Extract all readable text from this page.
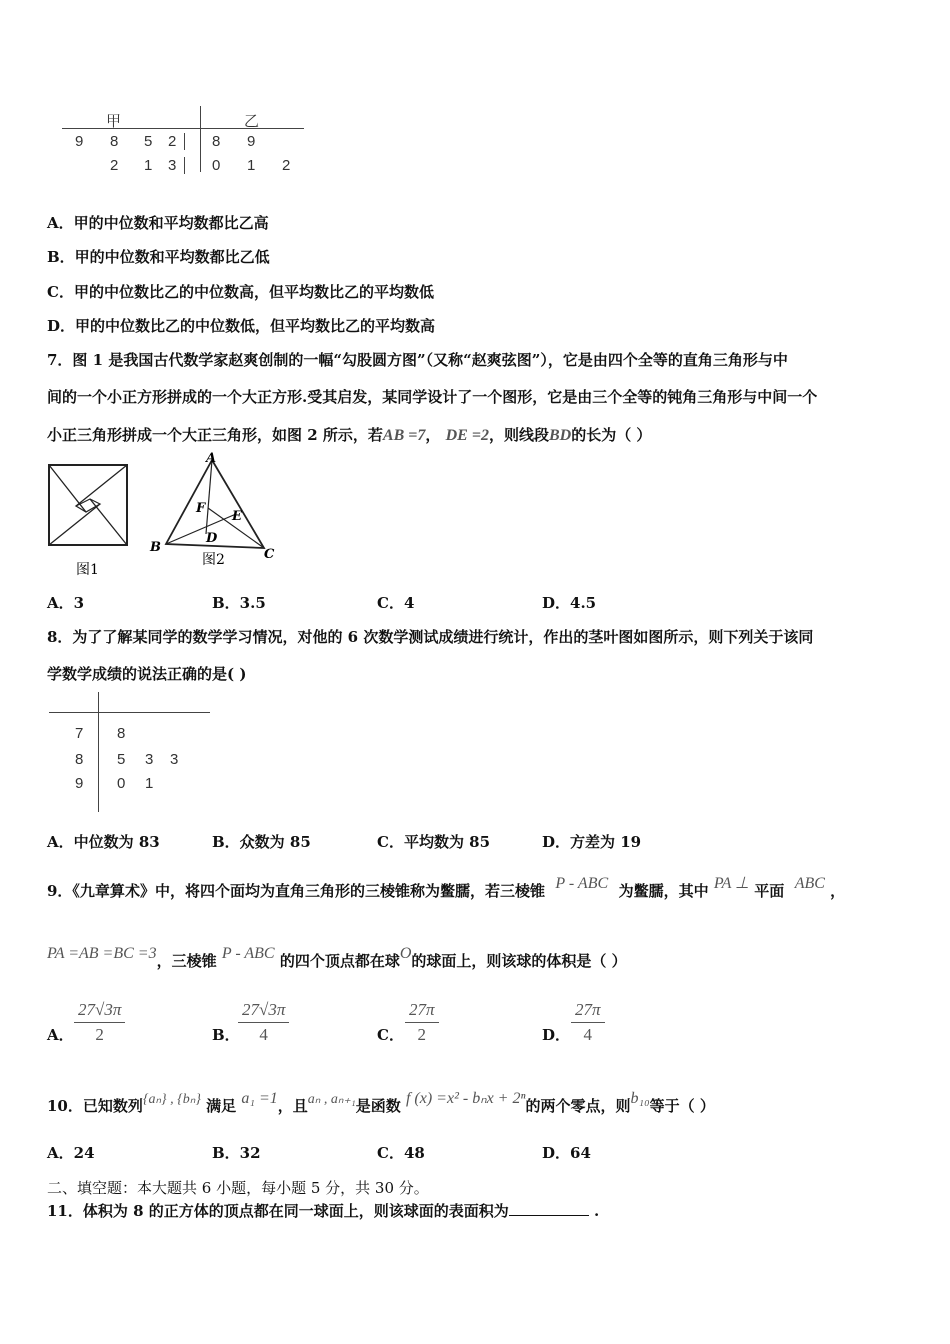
甲	乙
9 8 5 2	8 9
2 1 3	0 1 2
A．甲的中位数和平均数都比乙高
B．甲的中位数和平均数都比乙低
C．甲的中位数比乙的中位数高，但平均数比乙的平均数低
D．甲的中位数比乙的中位数低，但平均数比乙的平均数高
7．图 1 是我国古代数学家赵爽创制的一幅“勾股圆方图”（又称“赵爽弦图”），它是由四个全等的直角三角形与中
间的一个小正方形拼成的一个大正方形.受其启发，某同学设计了一个图形，它是由三个全等的钝角三角形与中间一个
小正三角形拼成一个大正三角形，如图 2 所示，若AB =7， DE =2，则线段BD的长为（ ）
图1
A
B	C
D
E
F
图2
A．3	B．3.5	C．4	D．4.5
8．为了了解某同学的数学学习情况，对他的 6 次数学测试成绩进行统计，作出的茎叶图如图所示，则下列关于该同
学数学成绩的说法正确的是( )
7 8
8 5 3 3
9 0 1
A．中位数为 83	B．众数为 85	C．平均数为 85	D．方差为 19
9．《九章算术》中，将四个面均为直角三角形的三棱锥称为鳖臑，若三棱锥 P - ABC 为鳖臑，其中 PA ⊥ 平面 ABC ，
PA =AB =BC =3，三棱锥 P - ABC 的四个顶点都在球O的球面上，则该球的体积是（ ）
A．
27√3π
2	B．
27√3π
4	C．
27π
2	D．
27π
4
10．已知数列{aₙ} , {bₙ} 满足 a₁ =1，且aₙ , aₙ₊₁是函数 f (x) =x² - bₙx + 2ⁿ的两个零点，则b₁₀等于（ ）
A．24	B．32	C．48	D．64
二、填空题：本大题共 6 小题，每小题 5 分，共 30 分。
11．体积为 8 的正方体的顶点都在同一球面上，则该球面的表面积为	.
